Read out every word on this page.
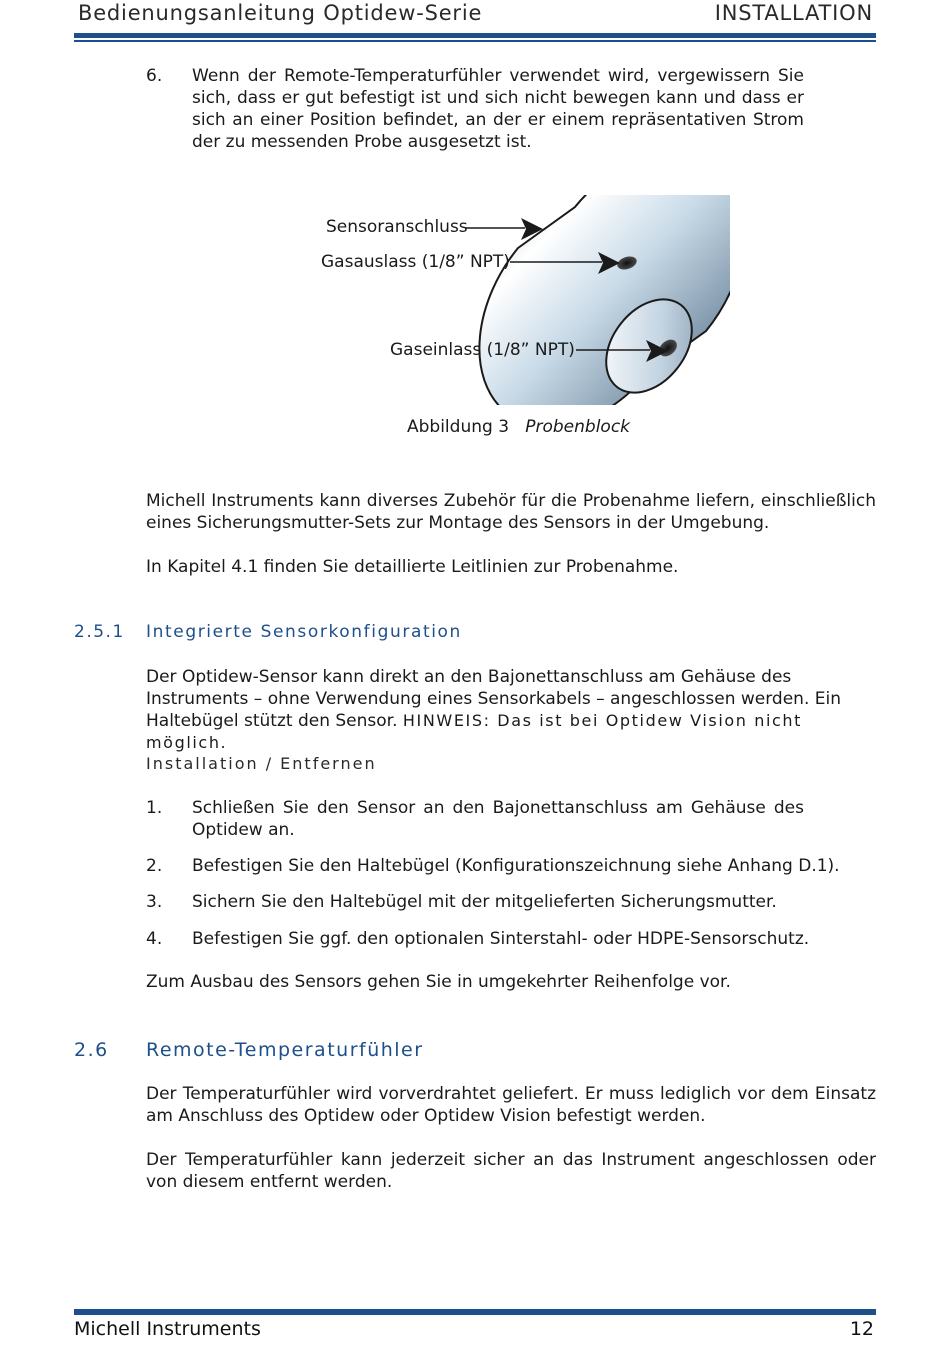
Bedienungsanleitung Optidew-Serie	INSTALLATION
6.	Wenn der Remote-Temperaturfühler verwendet wird, vergewissern Sie sich, dass er gut befestigt ist und sich nicht bewegen kann und dass er sich an einer Position befindet, an der er einem repräsentativen Strom der zu messenden Probe ausgesetzt ist.
Sensoranschluss
Gasauslass (1/8” NPT)
Gaseinlass (1/8” NPT)
Abbildung 3 Probenblock
Michell Instruments kann diverses Zubehör für die Probenahme liefern, einschließlich eines Sicherungsmutter-Sets zur Montage des Sensors in der Umgebung.
In Kapitel 4.1 finden Sie detaillierte Leitlinien zur Probenahme.
2.5.1 Integrierte Sensorkonfiguration
Der Optidew-Sensor kann direkt an den Bajonettanschluss am Gehäuse des Instruments – ohne Verwendung eines Sensorkabels – angeschlossen werden. Ein Haltebügel stützt den Sensor. HINWEIS: Das ist bei Optidew Vision nicht möglich.
Installation / Entfernen
1.	Schließen Sie den Sensor an den Bajonettanschluss am Gehäuse des Optidew an.
2.	Befestigen Sie den Haltebügel (Konfigurationszeichnung siehe Anhang D.1).
3.	Sichern Sie den Haltebügel mit der mitgelieferten Sicherungsmutter.
4.	Befestigen Sie ggf. den optionalen Sinterstahl- oder HDPE-Sensorschutz.
Zum Ausbau des Sensors gehen Sie in umgekehrter Reihenfolge vor.
2.6 Remote-Temperaturfühler
Der Temperaturfühler wird vorverdrahtet geliefert. Er muss lediglich vor dem Einsatz am Anschluss des Optidew oder Optidew Vision befestigt werden.
Der Temperaturfühler kann jederzeit sicher an das Instrument angeschlossen oder von diesem entfernt werden.
Michell Instruments	12
